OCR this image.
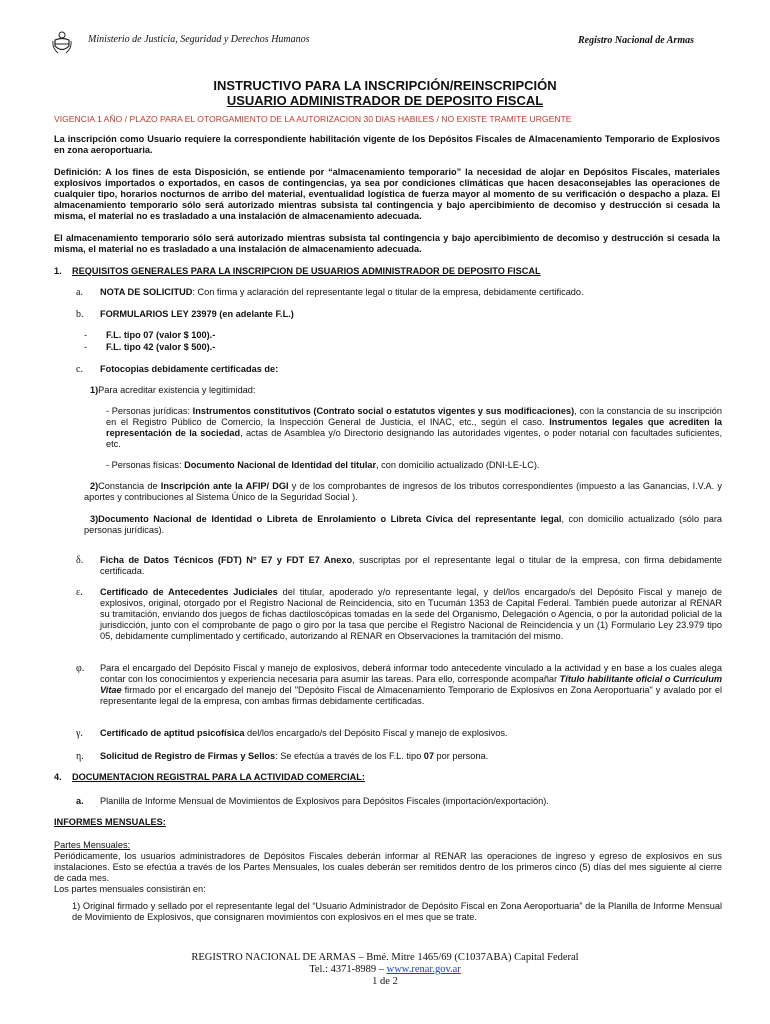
Ministerio de Justicia, Seguridad y Derechos Humanos	Registro Nacional de Armas
INSTRUCTIVO PARA LA INSCRIPCIÓN/REINSCRIPCIÓN
USUARIO ADMINISTRADOR DE DEPOSITO FISCAL
VIGENCIA 1 AÑO / PLAZO PARA EL OTORGAMIENTO DE LA AUTORIZACION 30 DIAS HABILES / NO EXISTE TRAMITE URGENTE
La inscripción como Usuario requiere la correspondiente habilitación vigente de los Depósitos Fiscales de Almacenamiento Temporario de Explosivos en zona aeroportuaria.
Definición: A los fines de esta Disposición, se entiende por “almacenamiento temporario” la necesidad de alojar en Depósitos Fiscales, materiales explosivos importados o exportados, en casos de contingencias, ya sea por condiciones climáticas que hacen desaconsejables las operaciones de cualquier tipo, horarios nocturnos de arribo del material, eventualidad logística de fuerza mayor al momento de su verificación o despacho a plaza. El almacenamiento temporario sólo será autorizado mientras subsista tal contingencia y bajo apercibimiento de decomiso y destrucción si cesada la misma, el material no es trasladado a una instalación de almacenamiento adecuada.
El almacenamiento temporario sólo será autorizado mientras subsista tal contingencia y bajo apercibimiento de decomiso y destrucción si cesada la misma, el material no es trasladado a una instalación de almacenamiento adecuada.
1. REQUISITOS GENERALES PARA LA INSCRIPCION DE USUARIOS ADMINISTRADOR DE DEPOSITO FISCAL
a. NOTA DE SOLICITUD: Con firma y aclaración del representante legal o titular de la empresa, debidamente certificado.
b. FORMULARIOS LEY 23979 (en adelante F.L.)
- F.L. tipo 07 (valor $ 100).-
- F.L. tipo 42 (valor $ 500).-
c. Fotocopias debidamente certificadas de:
1)Para acreditar existencia y legitimidad:
- Personas jurídicas: Instrumentos constitutivos (Contrato social o estatutos vigentes y sus modificaciones), con la constancia de su inscripción en el Registro Público de Comercio, la Inspección General de Justicia, el INAC, etc., según el caso. Instrumentos legales que acrediten la representación de la sociedad, actas de Asamblea y/o Directorio designando las autoridades vigentes, o poder notarial con facultades suficientes, etc.
- Personas físicas: Documento Nacional de Identidad del titular, con domicilio actualizado (DNI-LE-LC).
2)Constancia de Inscripción ante la AFIP/ DGI y de los comprobantes de ingresos de los tributos correspondientes (impuesto a las Ganancias, I.V.A. y aportes y contribuciones al Sistema Único de la Seguridad Social ).
3)Documento Nacional de Identidad o Libreta de Enrolamiento o Libreta Cívica del representante legal, con domicilio actualizado (sólo para personas jurídicas).
δ. Ficha de Datos Técnicos (FDT) N° E7 y FDT E7 Anexo, suscriptas por el representante legal o titular de la empresa, con firma debidamente certificada.
ε. Certificado de Antecedentes Judiciales del titular, apoderado y/o representante legal, y del/los encargado/s del Depósito Fiscal y manejo de explosivos, original, otorgado por el Registro Nacional de Reincidencia, sito en Tucumán 1353 de Capital Federal. También puede autorizar al RENAR su tramitación, enviando dos juegos de fichas dactiloscópicas tomadas en la sede del Organismo, Delegación o Agencia, o por la autoridad policial de la jurisdicción, junto con el comprobante de pago o giro por la tasa que percibe el Registro Nacional de Reincidencia y un (1) Formulario Ley 23.979 tipo 05, debidamente cumplimentado y certificado, autorizando al RENAR en Observaciones la tramitación del mismo.
φ. Para el encargado del Depósito Fiscal y manejo de explosivos, deberá informar todo antecedente vinculado a la actividad y en base a los cuales alega contar con los conocimientos y experiencia necesaria para asumir las tareas. Para ello, corresponde acompañar Título habilitante oficial o Currículum Vitae firmado por el encargado del manejo del "Depósito Fiscal de Almacenamiento Temporario de Explosivos en Zona Aeroportuaria" y avalado por el representante legal de la empresa, con ambas firmas debidamente certificadas.
γ. Certificado de aptitud psicofísica del/los encargado/s del Depósito Fiscal y manejo de explosivos.
η. Solicitud de Registro de Firmas y Sellos: Se efectúa a través de los F.L. tipo 07 por persona.
4. DOCUMENTACION REGISTRAL PARA LA ACTIVIDAD COMERCIAL:
a. Planilla de Informe Mensual de Movimientos de Explosivos para Depósitos Fiscales (importación/exportación).
INFORMES MENSUALES:
Partes Mensuales:
Periódicamente, los usuarios administradores de Depósitos Fiscales deberán informar al RENAR las operaciones de ingreso y egreso de explosivos en sus instalaciones. Esto se efectúa a través de los Partes Mensuales, los cuales deberán ser remitidos dentro de los primeros cinco (5) días del mes siguiente al cierre de cada mes.
Los partes mensuales consistirán en:
1) Original firmado y sellado por el representante legal del “Usuario Administrador de Depósito Fiscal en Zona Aeroportuaria” de la Planilla de Informe Mensual de Movimiento de Explosivos, que consignaren movimientos con explosivos en el mes que se trate.
REGISTRO NACIONAL DE ARMAS – Bmé. Mitre 1465/69 (C1037ABA) Capital Federal
Tel.: 4371-8989 – www.renar.gov.ar
1 de 2
